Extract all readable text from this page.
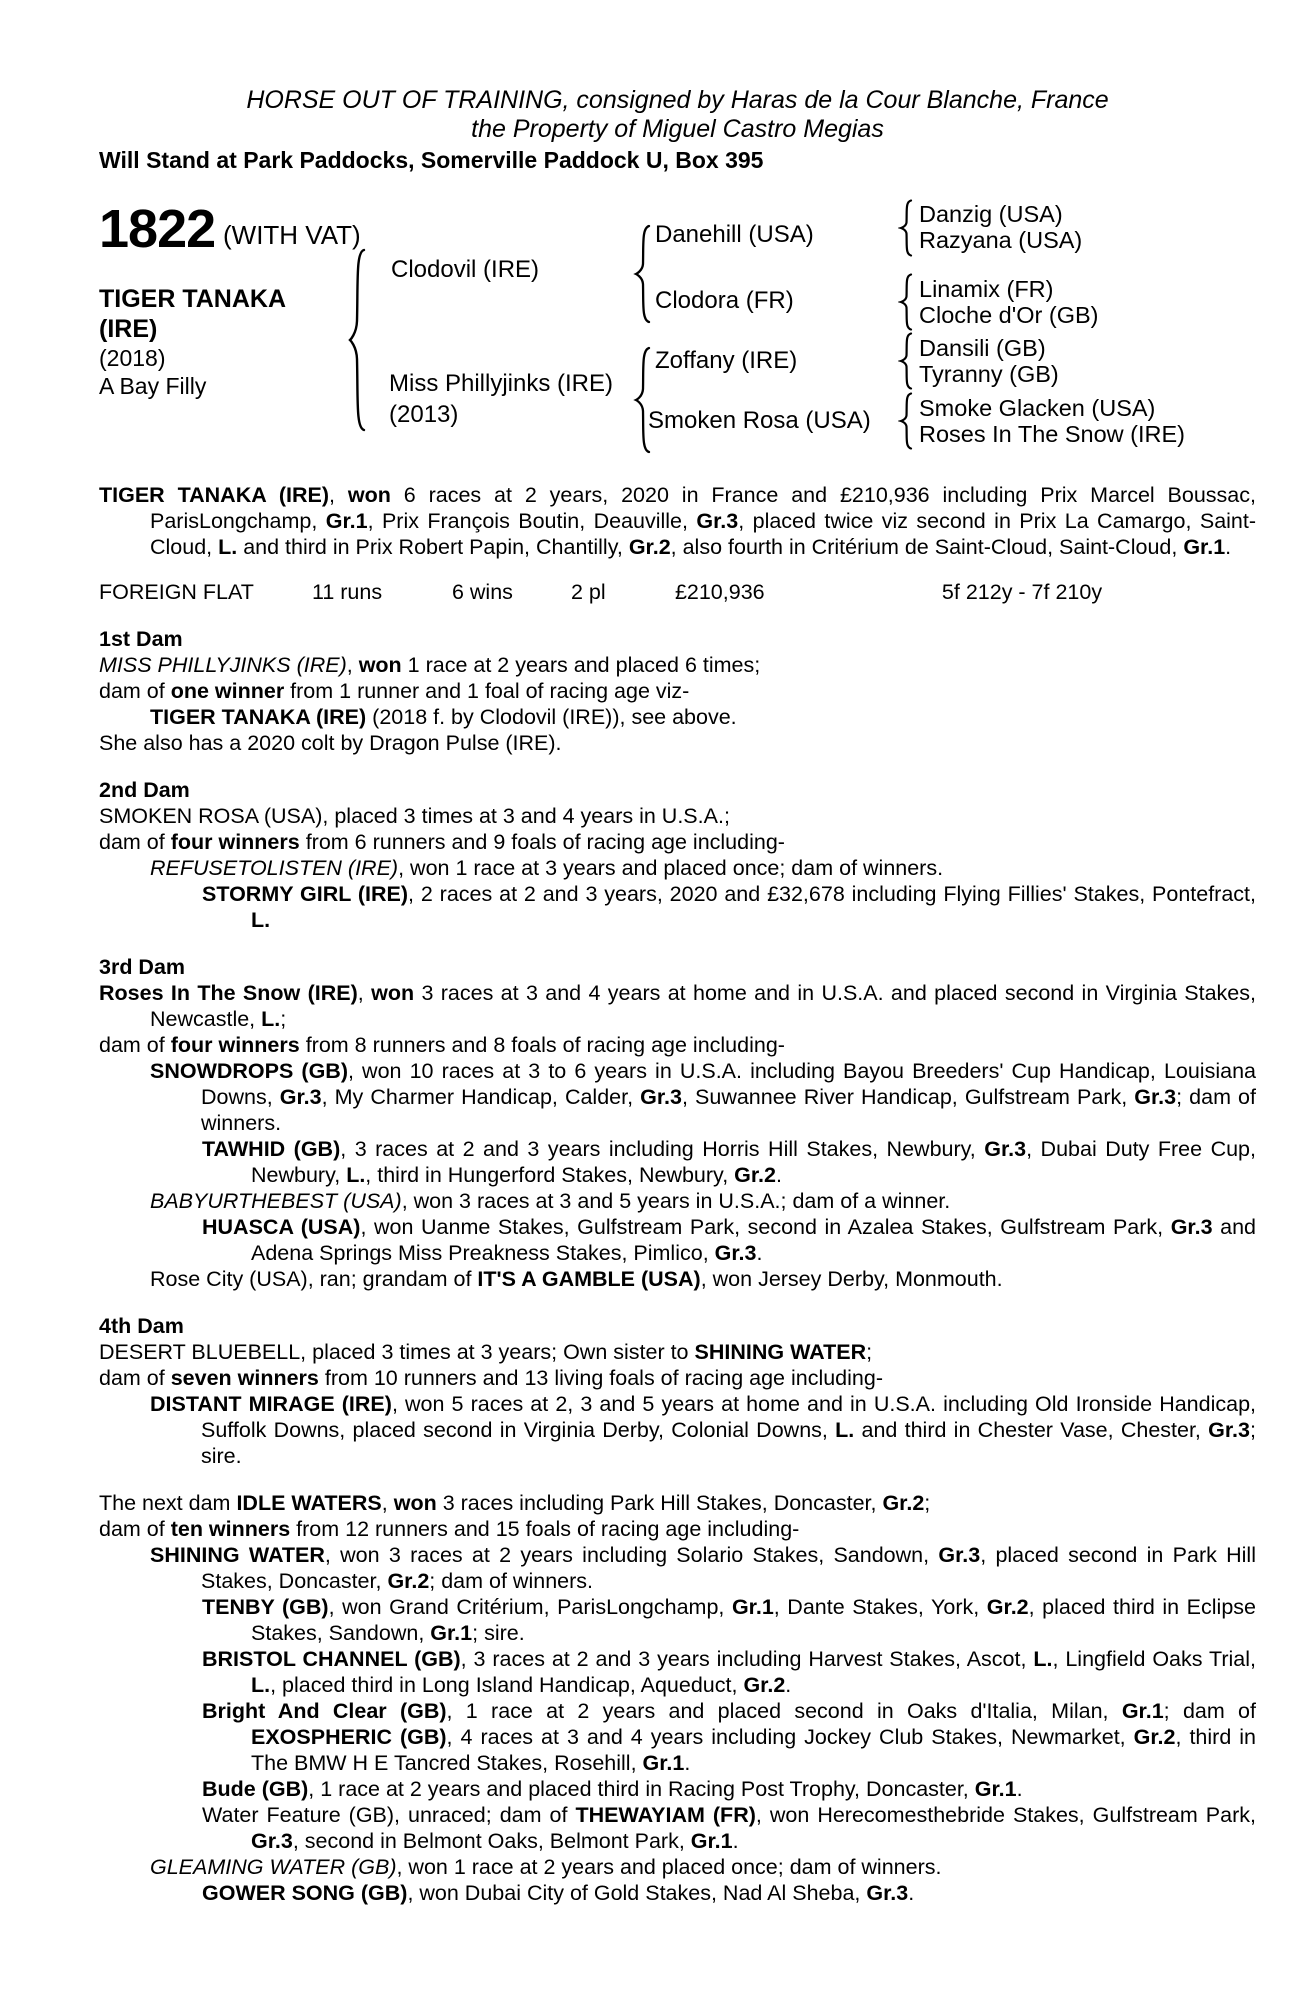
HORSE OUT OF TRAINING, consigned by Haras de la Cour Blanche, France
the Property of Miguel Castro Megias
Will Stand at Park Paddocks, Somerville Paddock U, Box 395
1822 (WITH VAT)
TIGER TANAKA
(IRE)
(2018)
A Bay Filly
Clodovil (IRE)
Miss Phillyjinks (IRE)
(2013)
Danehill (USA)
Clodora (FR)
Zoffany (IRE)
Smoken Rosa (USA)
Danzig (USA)
Razyana (USA)
Linamix (FR)
Cloche d'Or (GB)
Dansili (GB)
Tyranny (GB)
Smoke Glacken (USA)
Roses In The Snow (IRE)
TIGER TANAKA (IRE), won 6 races at 2 years, 2020 in France and £210,936 including Prix Marcel Boussac, ParisLongchamp, Gr.1, Prix François Boutin, Deauville, Gr.3, placed twice viz second in Prix La Camargo, Saint-Cloud, L. and third in Prix Robert Papin, Chantilly, Gr.2, also fourth in Critérium de Saint-Cloud, Saint-Cloud, Gr.1.
FOREIGN FLAT	11 runs	6 wins	2 pl	£210,936	5f 212y - 7f 210y
1st Dam
MISS PHILLYJINKS (IRE), won 1 race at 2 years and placed 6 times;
dam of one winner from 1 runner and 1 foal of racing age viz-
TIGER TANAKA (IRE) (2018 f. by Clodovil (IRE)), see above.
She also has a 2020 colt by Dragon Pulse (IRE).
2nd Dam
SMOKEN ROSA (USA), placed 3 times at 3 and 4 years in U.S.A.;
dam of four winners from 6 runners and 9 foals of racing age including-
REFUSETOLISTEN (IRE), won 1 race at 3 years and placed once; dam of winners.
STORMY GIRL (IRE), 2 races at 2 and 3 years, 2020 and £32,678 including Flying Fillies' Stakes, Pontefract, L.
3rd Dam
Roses In The Snow (IRE), won 3 races at 3 and 4 years at home and in U.S.A. and placed second in Virginia Stakes, Newcastle, L.;
dam of four winners from 8 runners and 8 foals of racing age including-
SNOWDROPS (GB), won 10 races at 3 to 6 years in U.S.A. including Bayou Breeders' Cup Handicap, Louisiana Downs, Gr.3, My Charmer Handicap, Calder, Gr.3, Suwannee River Handicap, Gulfstream Park, Gr.3; dam of winners.
TAWHID (GB), 3 races at 2 and 3 years including Horris Hill Stakes, Newbury, Gr.3, Dubai Duty Free Cup, Newbury, L., third in Hungerford Stakes, Newbury, Gr.2.
BABYURTHEBEST (USA), won 3 races at 3 and 5 years in U.S.A.; dam of a winner.
HUASCA (USA), won Uanme Stakes, Gulfstream Park, second in Azalea Stakes, Gulfstream Park, Gr.3 and Adena Springs Miss Preakness Stakes, Pimlico, Gr.3.
Rose City (USA), ran; grandam of IT'S A GAMBLE (USA), won Jersey Derby, Monmouth.
4th Dam
DESERT BLUEBELL, placed 3 times at 3 years; Own sister to SHINING WATER;
dam of seven winners from 10 runners and 13 living foals of racing age including-
DISTANT MIRAGE (IRE), won 5 races at 2, 3 and 5 years at home and in U.S.A. including Old Ironside Handicap, Suffolk Downs, placed second in Virginia Derby, Colonial Downs, L. and third in Chester Vase, Chester, Gr.3; sire.
The next dam IDLE WATERS, won 3 races including Park Hill Stakes, Doncaster, Gr.2;
dam of ten winners from 12 runners and 15 foals of racing age including-
SHINING WATER, won 3 races at 2 years including Solario Stakes, Sandown, Gr.3, placed second in Park Hill Stakes, Doncaster, Gr.2; dam of winners.
TENBY (GB), won Grand Critérium, ParisLongchamp, Gr.1, Dante Stakes, York, Gr.2, placed third in Eclipse Stakes, Sandown, Gr.1; sire.
BRISTOL CHANNEL (GB), 3 races at 2 and 3 years including Harvest Stakes, Ascot, L., Lingfield Oaks Trial, L., placed third in Long Island Handicap, Aqueduct, Gr.2.
Bright And Clear (GB), 1 race at 2 years and placed second in Oaks d'Italia, Milan, Gr.1; dam of EXOSPHERIC (GB), 4 races at 3 and 4 years including Jockey Club Stakes, Newmarket, Gr.2, third in The BMW H E Tancred Stakes, Rosehill, Gr.1.
Bude (GB), 1 race at 2 years and placed third in Racing Post Trophy, Doncaster, Gr.1.
Water Feature (GB), unraced; dam of THEWAYIAM (FR), won Herecomesthebride Stakes, Gulfstream Park, Gr.3, second in Belmont Oaks, Belmont Park, Gr.1.
GLEAMING WATER (GB), won 1 race at 2 years and placed once; dam of winners.
GOWER SONG (GB), won Dubai City of Gold Stakes, Nad Al Sheba, Gr.3.
